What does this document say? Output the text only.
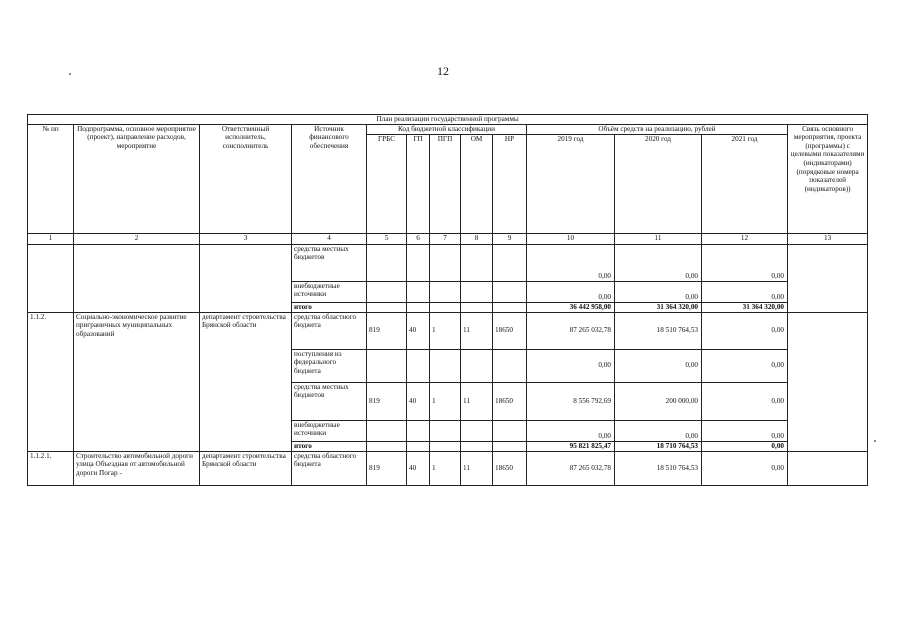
12
План реализации государственной программы												
№ пп	Подпрограмма, основное мероприятие (проект), направление расходов, мероприятие	Ответственный исполнитель, соисполнитель	Источник финансового обеспечения	Код бюджетной классификации					Объём средств на реализацию, рублей			Связь основного мероприятия, проекта (программы) с целевыми показателями (индикаторами) (порядковые номера показателей (индикаторов))
				ГРБС	ГП	ПГП	ОМ	НР	2019 год	2020 год	2021 год	

1	2	3	4	5	6	7	8	9	10	11	12	13
			средства местных бюджетов						0,00	0,00	0,00	
			внебюджетные источники						0,00	0,00	0,00	
			итого						36 442 958,00	31 364 320,00	31 364 320,00	
1.1.2.	Социально-экономическое развитие приграничных муниципальных образований	департамент строительства Брянской области	средства областного бюджета	819	40	1	11	18650	87 265 032,78	18 510 764,53	0,00	
			поступления из федерального бюджета						0,00	0,00	0,00	
			средства местных бюджетов	819	40	1	11	18650	8 556 792,69	200 000,00	0,00	
			внебюджетные источники						0,00	0,00	0,00	
			итого						95 821 825,47	18 710 764,53	0,00	
1.1.2.1.	Строительство автомобильной дороги улица Объездная от автомобильной дороги Погар -	департамент строительства Брянской области	средства областного бюджета	819	40	1	11	18650	87 265 032,78	18 510 764,53	0,00	
